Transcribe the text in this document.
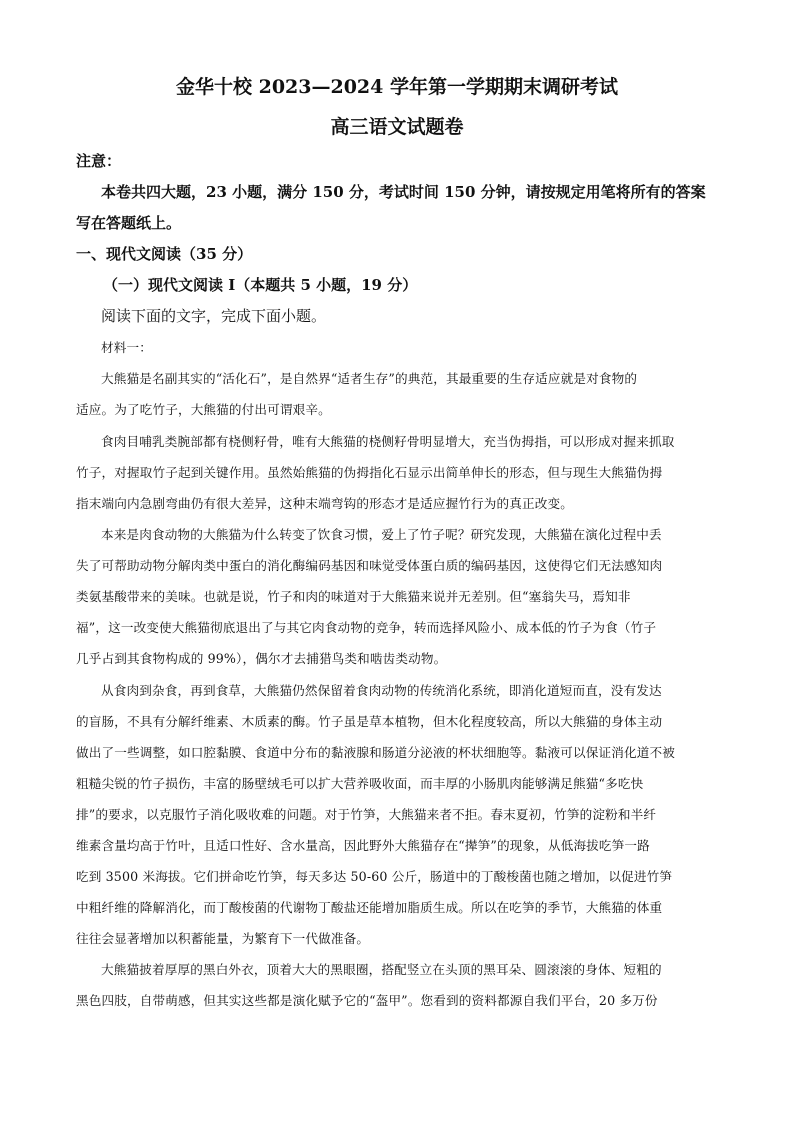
金华十校 2023—2024 学年第一学期期末调研考试
高三语文试题卷
注意：
本卷共四大题，23 小题，满分 150 分，考试时间 150 分钟，请按规定用笔将所有的答案
写在答题纸上。
一、现代文阅读（35 分）
（一）现代文阅读 I（本题共 5 小题，19 分）
阅读下面的文字，完成下面小题。
材料一：
大熊猫是名副其实的“活化石”，是自然界“适者生存”的典范，其最重要的生存适应就是对食物的
适应。为了吃竹子，大熊猫的付出可谓艰辛。
食肉目哺乳类腕部都有桡侧籽骨，唯有大熊猫的桡侧籽骨明显增大，充当伪拇指，可以形成对握来抓取
竹子，对握取竹子起到关键作用。虽然始熊猫的伪拇指化石显示出简单伸长的形态，但与现生大熊猫伪拇
指末端向内急剧弯曲仍有很大差异，这种末端弯钩的形态才是适应握竹行为的真正改变。
本来是肉食动物的大熊猫为什么转变了饮食习惯，爱上了竹子呢？研究发现，大熊猫在演化过程中丢
失了可帮助动物分解肉类中蛋白的消化酶编码基因和味觉受体蛋白质的编码基因，这使得它们无法感知肉
类氨基酸带来的美味。也就是说，竹子和肉的味道对于大熊猫来说并无差别。但“塞翁失马，焉知非
福”，这一改变使大熊猫彻底退出了与其它肉食动物的竞争，转而选择风险小、成本低的竹子为食（竹子
几乎占到其食物构成的 99%），偶尔才去捕猎鸟类和啮齿类动物。
从食肉到杂食，再到食草，大熊猫仍然保留着食肉动物的传统消化系统，即消化道短而直，没有发达
的盲肠，不具有分解纤维素、木质素的酶。竹子虽是草本植物，但木化程度较高，所以大熊猫的身体主动
做出了一些调整，如口腔黏膜、食道中分布的黏液腺和肠道分泌液的杯状细胞等。黏液可以保证消化道不被
粗糙尖锐的竹子损伤，丰富的肠壁绒毛可以扩大营养吸收面，而丰厚的小肠肌肉能够满足熊猫“多吃快
排”的要求，以克服竹子消化吸收难的问题。对于竹笋，大熊猫来者不拒。春末夏初，竹笋的淀粉和半纤
维素含量均高于竹叶，且适口性好、含水量高，因此野外大熊猫存在“撵笋”的现象，从低海拔吃笋一路
吃到 3500 米海拔。它们拼命吃竹笋，每天多达 50-60 公斤，肠道中的丁酸梭菌也随之增加，以促进竹笋
中粗纤维的降解消化，而丁酸梭菌的代谢物丁酸盐还能增加脂质生成。所以在吃笋的季节，大熊猫的体重
往往会显著增加以积蓄能量，为繁育下一代做准备。
大熊猫披着厚厚的黑白外衣，顶着大大的黑眼圈，搭配竖立在头顶的黑耳朵、圆滚滚的身体、短粗的
黑色四肢，自带萌感，但其实这些都是演化赋予它的“盔甲”。您看到的资料都源自我们平台，20 多万份
